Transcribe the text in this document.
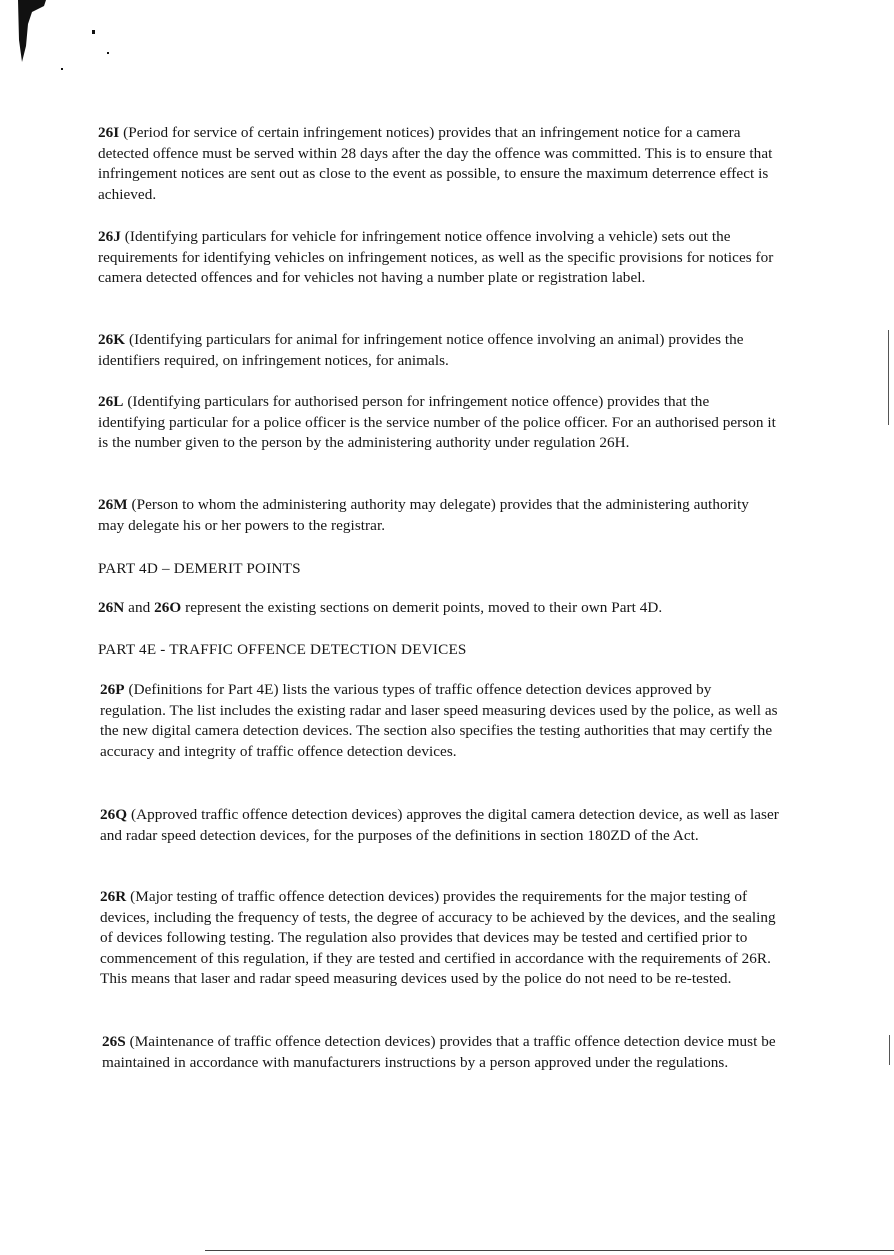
26I (Period for service of certain infringement notices) provides that an infringement notice for a camera detected offence must be served within 28 days after the day the offence was committed. This is to ensure that infringement notices are sent out as close to the event as possible, to ensure the maximum deterrence effect is achieved.

26J (Identifying particulars for vehicle for infringement notice offence involving a vehicle) sets out the requirements for identifying vehicles on infringement notices, as well as the specific provisions for notices for camera detected offences and for vehicles not having a number plate or registration label.

26K (Identifying particulars for animal for infringement notice offence involving an animal) provides the identifiers required, on infringement notices, for animals.

26L (Identifying particulars for authorised person for infringement notice offence) provides that the identifying particular for a police officer is the service number of the police officer. For an authorised person it is the number given to the person by the administering authority under regulation 26H.

26M (Person to whom the administering authority may delegate) provides that the administering authority may delegate his or her powers to the registrar.

PART 4D – DEMERIT POINTS

26N and 26O represent the existing sections on demerit points, moved to their own Part 4D.

PART 4E - TRAFFIC OFFENCE DETECTION DEVICES

26P (Definitions for Part 4E) lists the various types of traffic offence detection devices approved by regulation. The list includes the existing radar and laser speed measuring devices used by the police, as well as the new digital camera detection devices. The section also specifies the testing authorities that may certify the accuracy and integrity of traffic offence detection devices.

26Q (Approved traffic offence detection devices) approves the digital camera detection device, as well as laser and radar speed detection devices, for the purposes of the definitions in section 180ZD of the Act.

26R (Major testing of traffic offence detection devices) provides the requirements for the major testing of devices, including the frequency of tests, the degree of accuracy to be achieved by the devices, and the sealing of devices following testing. The regulation also provides that devices may be tested and certified prior to commencement of this regulation, if they are tested and certified in accordance with the requirements of 26R. This means that laser and radar speed measuring devices used by the police do not need to be re-tested.

26S (Maintenance of traffic offence detection devices) provides that a traffic offence detection device must be maintained in accordance with manufacturers instructions by a person approved under the regulations.
